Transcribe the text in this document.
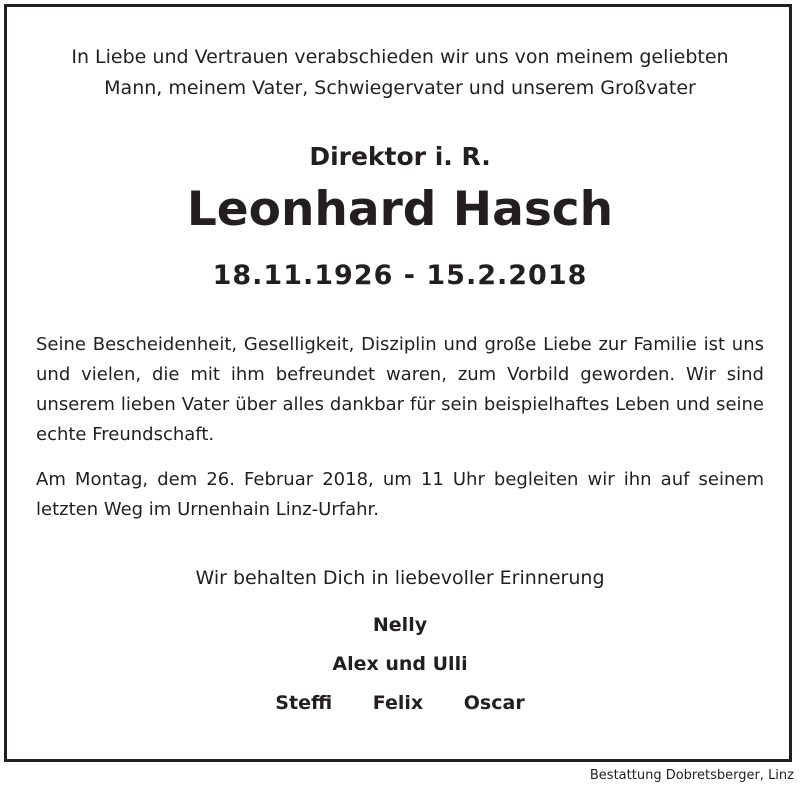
In Liebe und Vertrauen verabschieden wir uns von meinem geliebten
Mann, meinem Vater, Schwiegervater und unserem Großvater
Direktor i. R.
Leonhard Hasch
18.11.1926 - 15.2.2018
Seine Bescheidenheit, Geselligkeit, Disziplin und große Liebe zur Familie ist uns und vielen, die mit ihm befreundet waren, zum Vorbild geworden. Wir sind unserem lieben Vater über alles dankbar für sein beispielhaftes Leben und seine echte Freundschaft.
Am Montag, dem 26. Februar 2018, um 11 Uhr begleiten wir ihn auf seinem letzten Weg im Urnenhain Linz-Urfahr.
Wir behalten Dich in liebevoller Erinnerung
Nelly
Alex und Ulli
Steffi Felix Oscar
Bestattung Dobretsberger, Linz
